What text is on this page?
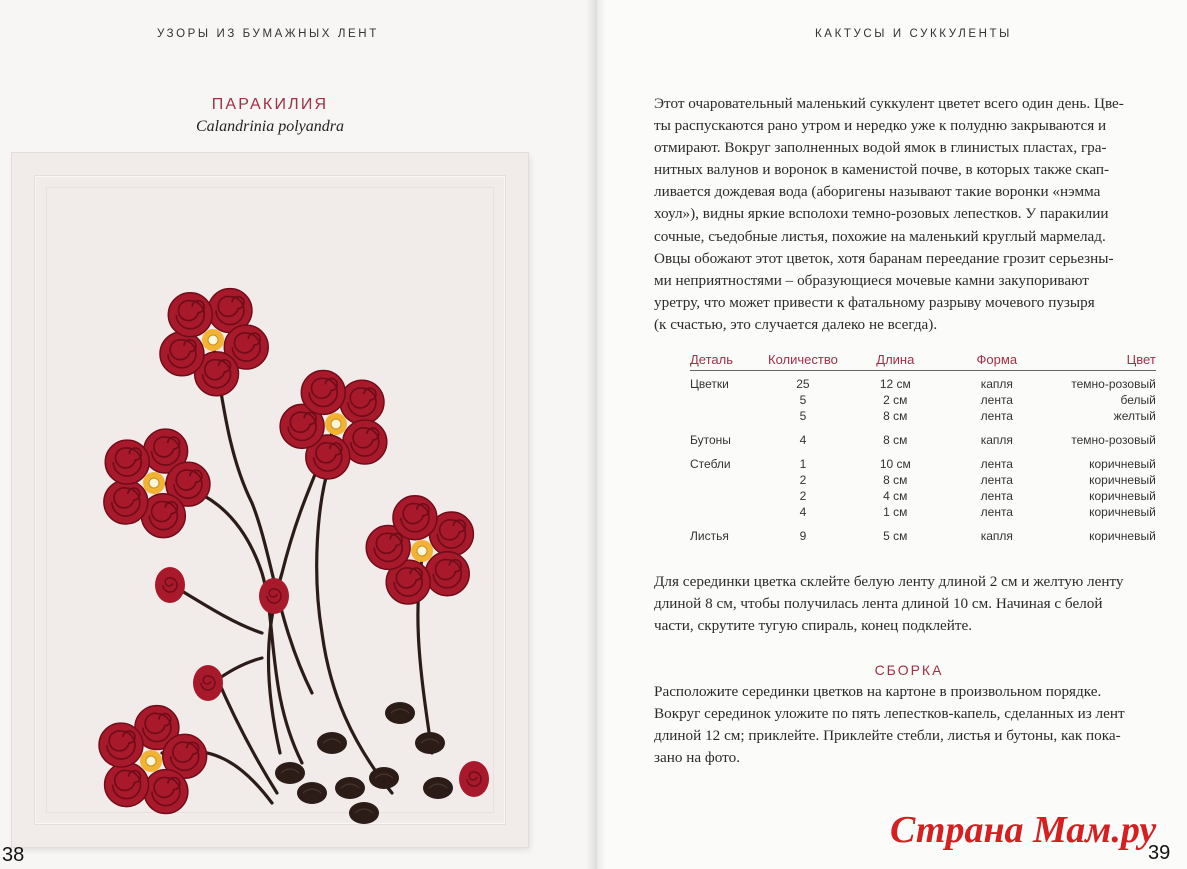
УЗОРЫ ИЗ БУМАЖНЫХ ЛЕНТ
ПАРАКИЛИЯ
Calandrinia polyandra
38
КАКТУСЫ И СУККУЛЕНТЫ
Этот очаровательный маленький суккулент цветет всего один день. Цве-
ты распускаются рано утром и нередко уже к полудню закрываются и
отмирают. Вокруг заполненных водой ямок в глинистых пластах, гра-
нитных валунов и воронок в каменистой почве, в которых также скап-
ливается дождевая вода (аборигены называют такие воронки «нэмма
хоул»), видны яркие всполохи темно-розовых лепестков. У паракилии
сочные, съедобные листья, похожие на маленький круглый мармелад.
Овцы обожают этот цветок, хотя баранам переедание грозит серьезны-
ми неприятностями – образующиеся мочевые камни закупоривают
уретру, что может привести к фатальному разрыву мочевого пузыря
(к счастью, это случается далеко не всегда).
Деталь	Количество	Длина	Форма	Цвет
Цветки	25	12 см	капля	темно-розовый
	5	2 см	лента	белый
	5	8 см	лента	желтый
Бутоны	4	8 см	капля	темно-розовый
Стебли	1	10 см	лента	коричневый
	2	8 см	лента	коричневый
	2	4 см	лента	коричневый
	4	1 см	лента	коричневый
Листья	9	5 см	капля	коричневый
Для серединки цветка склейте белую ленту длиной 2 см и желтую ленту
длиной 8 см, чтобы получилась лента длиной 10 см. Начиная с белой
части, скрутите тугую спираль, конец подклейте.
СБОРКА
Расположите серединки цветков на картоне в произвольном порядке.
Вокруг серединок уложите по пять лепестков-капель, сделанных из лент
длиной 12 см; приклейте. Приклейте стебли, листья и бутоны, как пока-
зано на фото.
Страна Мам.ру
39
